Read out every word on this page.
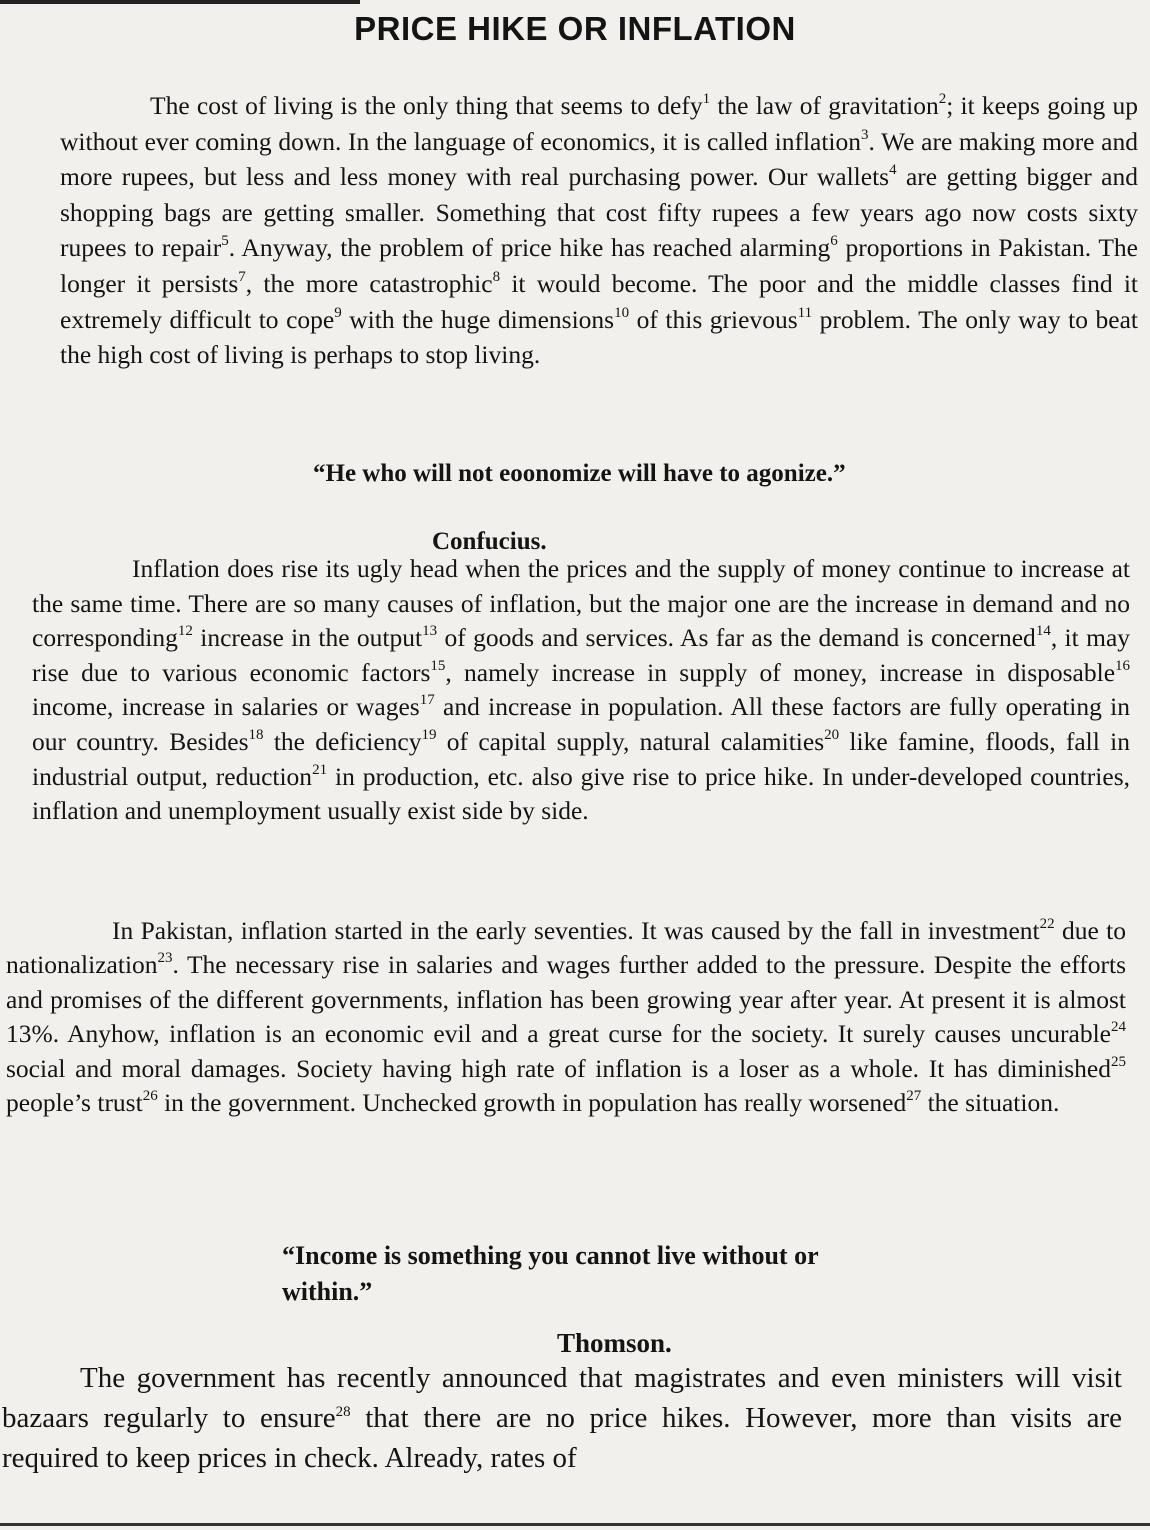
PRICE HIKE OR INFLATION

The cost of living is the only thing that seems to defy$^1$ the law of gravitation$^2$; it keeps going up without ever coming down. In the language of economics, it is called inflation$^3$. We are making more and more rupees, but less and less money with real purchasing power. Our wallets$^4$ are getting bigger and shopping bags are getting smaller. Something that cost fifty rupees a few years ago now costs sixty rupees to repair$^5$. Anyway, the problem of price hike has reached alarming$^6$ proportions in Pakistan. The longer it persists$^7$, the more catastrophic$^8$ it would become. The poor and the middle classes find it extremely difficult to cope$^9$ with the huge dimensions$^{10}$ of this grievous$^{11}$ problem. The only way to beat the high cost of living is perhaps to stop living.

“He who will not eoonomize will have to agonize.”

Confucius.

Inflation does rise its ugly head when the prices and the supply of money continue to increase at the same time. There are so many causes of inflation, but the major one are the increase in demand and no corresponding$^{12}$ increase in the output$^{13}$ of goods and services. As far as the demand is concerned$^{14}$, it may rise due to various economic factors$^{15}$, namely increase in supply of money, increase in disposable$^{16}$ income, increase in salaries or wages$^{17}$ and increase in population. All these factors are fully operating in our country. Besides$^{18}$ the deficiency$^{19}$ of capital supply, natural calamities$^{20}$ like famine, floods, fall in industrial output, reduction$^{21}$ in production, etc. also give rise to price hike. In under-developed countries, inflation and unemployment usually exist side by side.

In Pakistan, inflation started in the early seventies. It was caused by the fall in investment$^{22}$ due to nationalization$^{23}$. The necessary rise in salaries and wages further added to the pressure. Despite the efforts and promises of the different governments, inflation has been growing year after year. At present it is almost 13%. Anyhow, inflation is an economic evil and a great curse for the society. It surely causes uncurable$^{24}$ social and moral damages. Society having high rate of inflation is a loser as a whole. It has diminished$^{25}$ people’s trust$^{26}$ in the government. Unchecked growth in population has really worsened$^{27}$ the situation.

“Income is something you cannot live without or within.”

Thomson.

The government has recently announced that magistrates and even ministers will visit bazaars regularly to ensure$^{28}$ that there are no price hikes. However, more than visits are required to keep prices in check. Already, rates of
